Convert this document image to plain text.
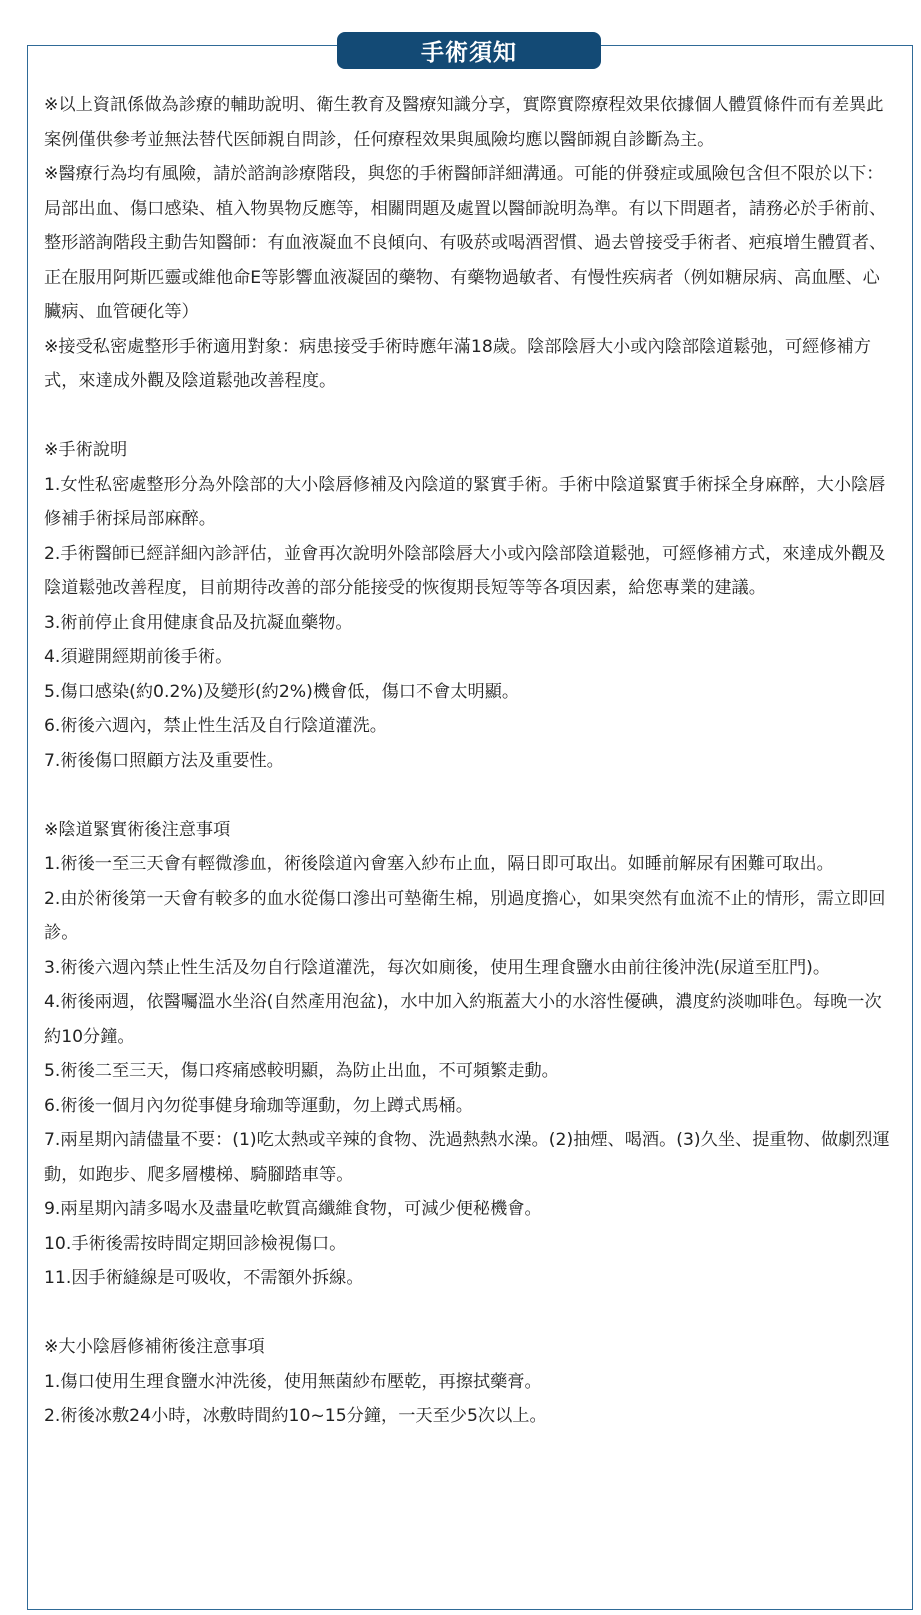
手術須知

※以上資訊係做為診療的輔助說明、衛生教育及醫療知識分享，實際實際療程效果依據個人體質條件而有差異此案例僅供參考並無法替代医師親自問診，任何療程效果與風險均應以醫師親自診斷為主。

※醫療行為均有風險，請於諮詢診療階段，與您的手術醫師詳細溝通。可能的併發症或風險包含但不限於以下：局部出血、傷口感染、植入物異物反應等，相關問題及處置以醫師說明為準。有以下問題者，請務必於手術前、整形諮詢階段主動告知醫師：有血液凝血不良傾向、有吸菸或喝酒習慣、過去曾接受手術者、疤痕增生體質者、正在服用阿斯匹靈或維他命E等影響血液凝固的藥物、有藥物過敏者、有慢性疾病者（例如糖尿病、高血壓、心臟病、血管硬化等）

※接受私密處整形手術適用對象：病患接受手術時應年滿18歲。陰部陰唇大小或內陰部陰道鬆弛，可經修補方式，來達成外觀及陰道鬆弛改善程度。

※手術說明

1.女性私密處整形分為外陰部的大小陰唇修補及內陰道的緊實手術。手術中陰道緊實手術採全身麻醉，大小陰唇修補手術採局部麻醉。

2.手術醫師已經詳細內診評估，並會再次說明外陰部陰唇大小或內陰部陰道鬆弛，可經修補方式，來達成外觀及陰道鬆弛改善程度，目前期待改善的部分能接受的恢復期長短等等各項因素，給您專業的建議。

3.術前停止食用健康食品及抗凝血藥物。

4.須避開經期前後手術。

5.傷口感染(約0.2%)及變形(約2%)機會低，傷口不會太明顯。

6.術後六週內，禁止性生活及自行陰道灌洗。

7.術後傷口照顧方法及重要性。

※陰道緊實術後注意事項

1.術後一至三天會有輕微滲血，術後陰道內會塞入紗布止血，隔日即可取出。如睡前解尿有困難可取出。

2.由於術後第一天會有較多的血水從傷口滲出可墊衛生棉，別過度擔心，如果突然有血流不止的情形，需立即回診。

3.術後六週內禁止性生活及勿自行陰道灌洗，每次如廁後，使用生理食鹽水由前往後沖洗(尿道至肛門)。

4.術後兩週，依醫囑溫水坐浴(自然產用泡盆)，水中加入約瓶蓋大小的水溶性優碘，濃度約淡咖啡色。每晚一次約10分鐘。

5.術後二至三天，傷口疼痛感較明顯，為防止出血，不可頻繁走動。

6.術後一個月內勿從事健身瑜珈等運動，勿上蹲式馬桶。

7.兩星期內請儘量不要：(1)吃太熱或辛辣的食物、洗過熱熱水澡。(2)抽煙、喝酒。(3)久坐、提重物、做劇烈運動，如跑步、爬多層樓梯、騎腳踏車等。

9.兩星期內請多喝水及盡量吃軟質高纖維食物，可減少便秘機會。

10.手術後需按時間定期回診檢視傷口。

11.因手術縫線是可吸收，不需額外拆線。

※大小陰唇修補術後注意事項

1.傷口使用生理食鹽水沖洗後，使用無菌紗布壓乾，再擦拭藥膏。

2.術後冰敷24小時，冰敷時間約10~15分鐘，一天至少5次以上。
